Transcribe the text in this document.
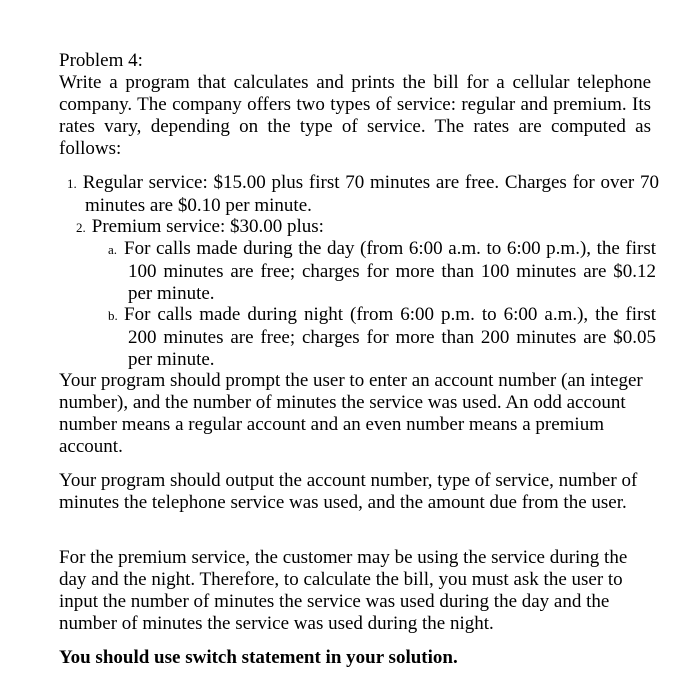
Problem 4:

Write a program that calculates and prints the bill for a cellular telephone company. The company offers two types of service: regular and premium. Its rates vary, depending on the type of service. The rates are computed as follows:

1. Regular service: $15.00 plus first 70 minutes are free. Charges for over 70 minutes are $0.10 per minute.

2. Premium service: $30.00 plus:

a. For calls made during the day (from 6:00 a.m. to 6:00 p.m.), the first 100 minutes are free; charges for more than 100 minutes are $0.12 per minute.

b. For calls made during night (from 6:00 p.m. to 6:00 a.m.), the first 200 minutes are free; charges for more than 200 minutes are $0.05 per minute.

Your program should prompt the user to enter an account number (an integer number), and the number of minutes the service was used. An odd account number means a regular account and an even number means a premium account.

Your program should output the account number, type of service, number of minutes the telephone service was used, and the amount due from the user.

For the premium service, the customer may be using the service during the day and the night. Therefore, to calculate the bill, you must ask the user to input the number of minutes the service was used during the day and the number of minutes the service was used during the night.

You should use switch statement in your solution.
